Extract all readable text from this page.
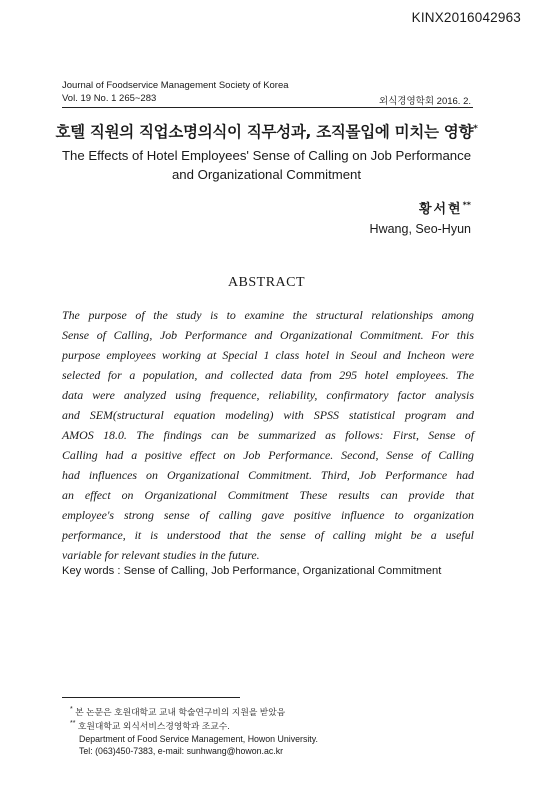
KINX2016042963
Journal of Foodservice Management Society of Korea
Vol. 19 No. 1 265~283	외식경영학회 2016. 2.
호텔 직원의 직업소명의식이 직무성과, 조직몰입에 미치는 영향*
The Effects of Hotel Employees' Sense of Calling on Job Performance
and Organizational Commitment
황서현**
Hwang, Seo-Hyun
ABSTRACT
The purpose of the study is to examine the structural relationships among
Sense of Calling, Job Performance and Organizational Commitment. For this
purpose employees working at Special 1 class hotel in Seoul and Incheon were
selected for a population, and collected data from 295 hotel employees. The
data were analyzed using frequence, reliability, confirmatory factor analysis
and SEM(structural equation modeling) with SPSS statistical program and
AMOS 18.0. The findings can be summarized as follows: First, Sense of
Calling had a positive effect on Job Performance. Second, Sense of Calling
had influences on Organizational Commitment. Third, Job Performance had
an effect on Organizational Commitment These results can provide that
employee's strong sense of calling gave positive influence to organization
performance, it is understood that the sense of calling might be a useful
variable for relevant studies in the future.
Key words : Sense of Calling, Job Performance, Organizational Commitment
* 본 논문은 호원대학교 교내 학술연구비의 지원을 받았음
** 호원대학교 외식서비스경영학과 조교수.
Department of Food Service Management, Howon University.
Tel: (063)450-7383, e-mail: sunhwang@howon.ac.kr
